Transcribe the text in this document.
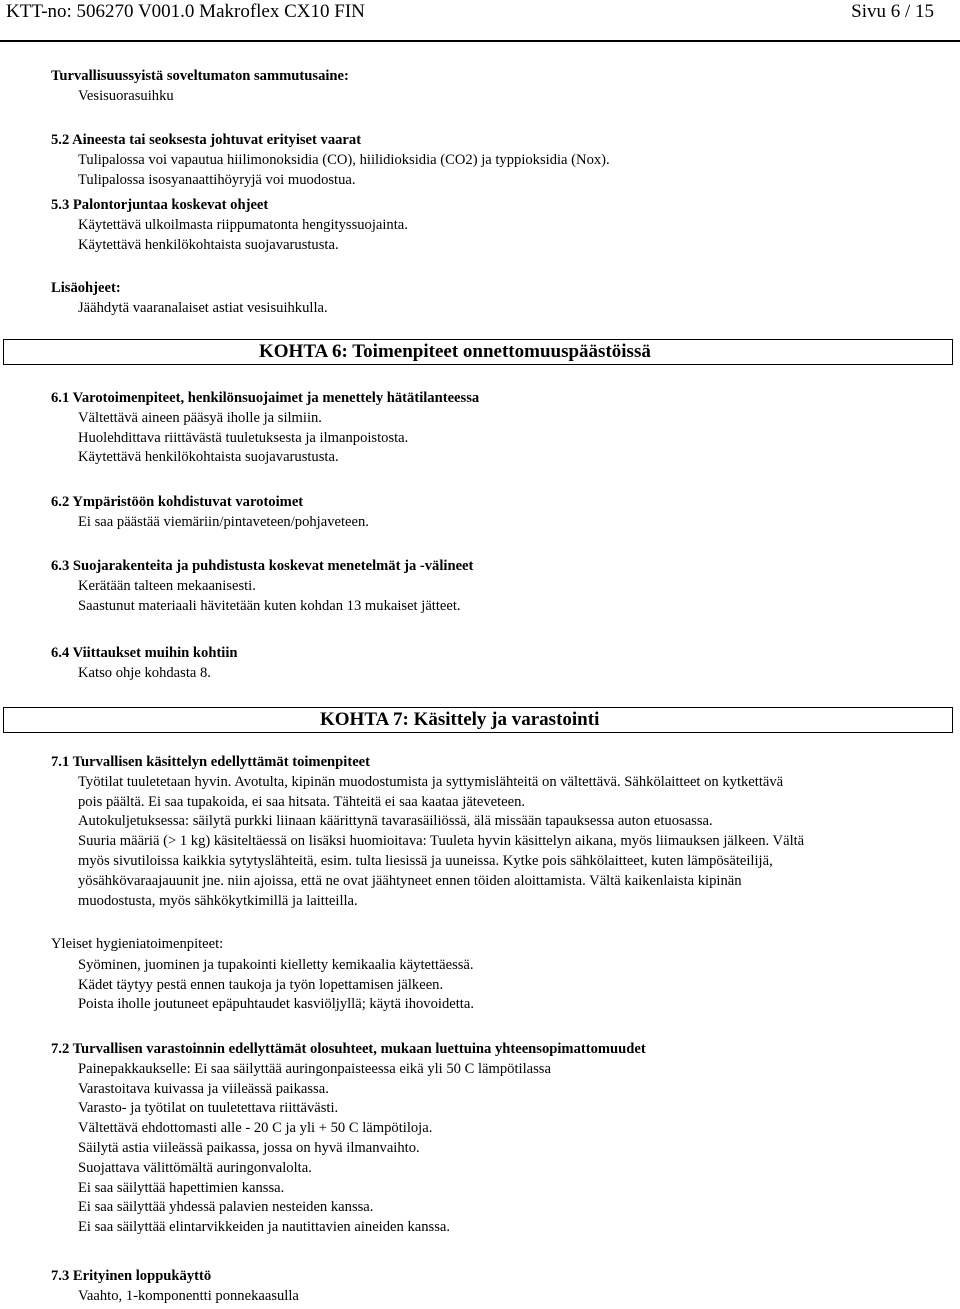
KTT-no: 506270 V001.0 Makroflex CX10 FIN	Sivu 6 / 15
Turvallisuussyistä soveltumaton sammutusaine:
Vesisuorasuihku
5.2 Aineesta tai seoksesta johtuvat erityiset vaarat
Tulipalossa voi vapautua hiilimonoksidia (CO), hiilidioksidia (CO2) ja typpioksidia (Nox).
Tulipalossa isosyanaattihöyryjä voi muodostua.
5.3 Palontorjuntaa koskevat ohjeet
Käytettävä ulkoilmasta riippumatonta hengityssuojainta.
Käytettävä henkilökohtaista suojavarustusta.
Lisäohjeet:
Jäähdytä vaaranalaiset astiat vesisuihkulla.
KOHTA 6: Toimenpiteet onnettomuuspäästöissä
6.1 Varotoimenpiteet, henkilönsuojaimet ja menettely hätätilanteessa
Vältettävä aineen pääsyä iholle ja silmiin.
Huolehdittava riittävästä tuuletuksesta ja ilmanpoistosta.
Käytettävä henkilökohtaista suojavarustusta.
6.2 Ympäristöön kohdistuvat varotoimet
Ei saa päästää viemäriin/pintaveteen/pohjaveteen.
6.3 Suojarakenteita ja puhdistusta koskevat menetelmät ja -välineet
Kerätään talteen mekaanisesti.
Saastunut materiaali hävitetään kuten kohdan 13 mukaiset jätteet.
6.4 Viittaukset muihin kohtiin
Katso ohje kohdasta 8.
KOHTA 7: Käsittely ja varastointi
7.1 Turvallisen käsittelyn edellyttämät toimenpiteet
Työtilat tuuletetaan hyvin. Avotulta, kipinän muodostumista ja syttymislähteitä on vältettävä. Sähkölaitteet on kytkettävä
pois päältä. Ei saa tupakoida, ei saa hitsata. Tähteitä ei saa kaataa jäteveteen.
Autokuljetuksessa: säilytä purkki liinaan käärittynä tavarasäiliössä, älä missään tapauksessa auton etuosassa.
Suuria määriä (> 1 kg) käsiteltäessä on lisäksi huomioitava: Tuuleta hyvin käsittelyn aikana, myös liimauksen jälkeen. Vältä
myös sivutiloissa kaikkia sytytyslähteitä, esim. tulta liesissä ja uuneissa. Kytke pois sähkölaitteet, kuten lämpösäteilijä,
yösähkövaraajauunit jne. niin ajoissa, että ne ovat jäähtyneet ennen töiden aloittamista. Vältä kaikenlaista kipinän
muodostusta, myös sähkökytkimillä ja laitteilla.
Yleiset hygieniatoimenpiteet:
Syöminen, juominen ja tupakointi kielletty kemikaalia käytettäessä.
Kädet täytyy pestä ennen taukoja ja työn lopettamisen jälkeen.
Poista iholle joutuneet epäpuhtaudet kasviöljyllä; käytä ihovoidetta.
7.2 Turvallisen varastoinnin edellyttämät olosuhteet, mukaan luettuina yhteensopimattomuudet
Painepakkaukselle: Ei saa säilyttää auringonpaisteessa eikä yli 50 C lämpötilassa
Varastoitava kuivassa ja viileässä paikassa.
Varasto- ja työtilat on tuuletettava riittävästi.
Vältettävä ehdottomasti alle - 20 C ja yli + 50 C lämpötiloja.
Säilytä astia viileässä paikassa, jossa on hyvä ilmanvaihto.
Suojattava välittömältä auringonvalolta.
Ei saa säilyttää hapettimien kanssa.
Ei saa säilyttää yhdessä palavien nesteiden kanssa.
Ei saa säilyttää elintarvikkeiden ja nautittavien aineiden kanssa.
7.3 Erityinen loppukäyttö
Vaahto, 1-komponentti ponnekaasulla
